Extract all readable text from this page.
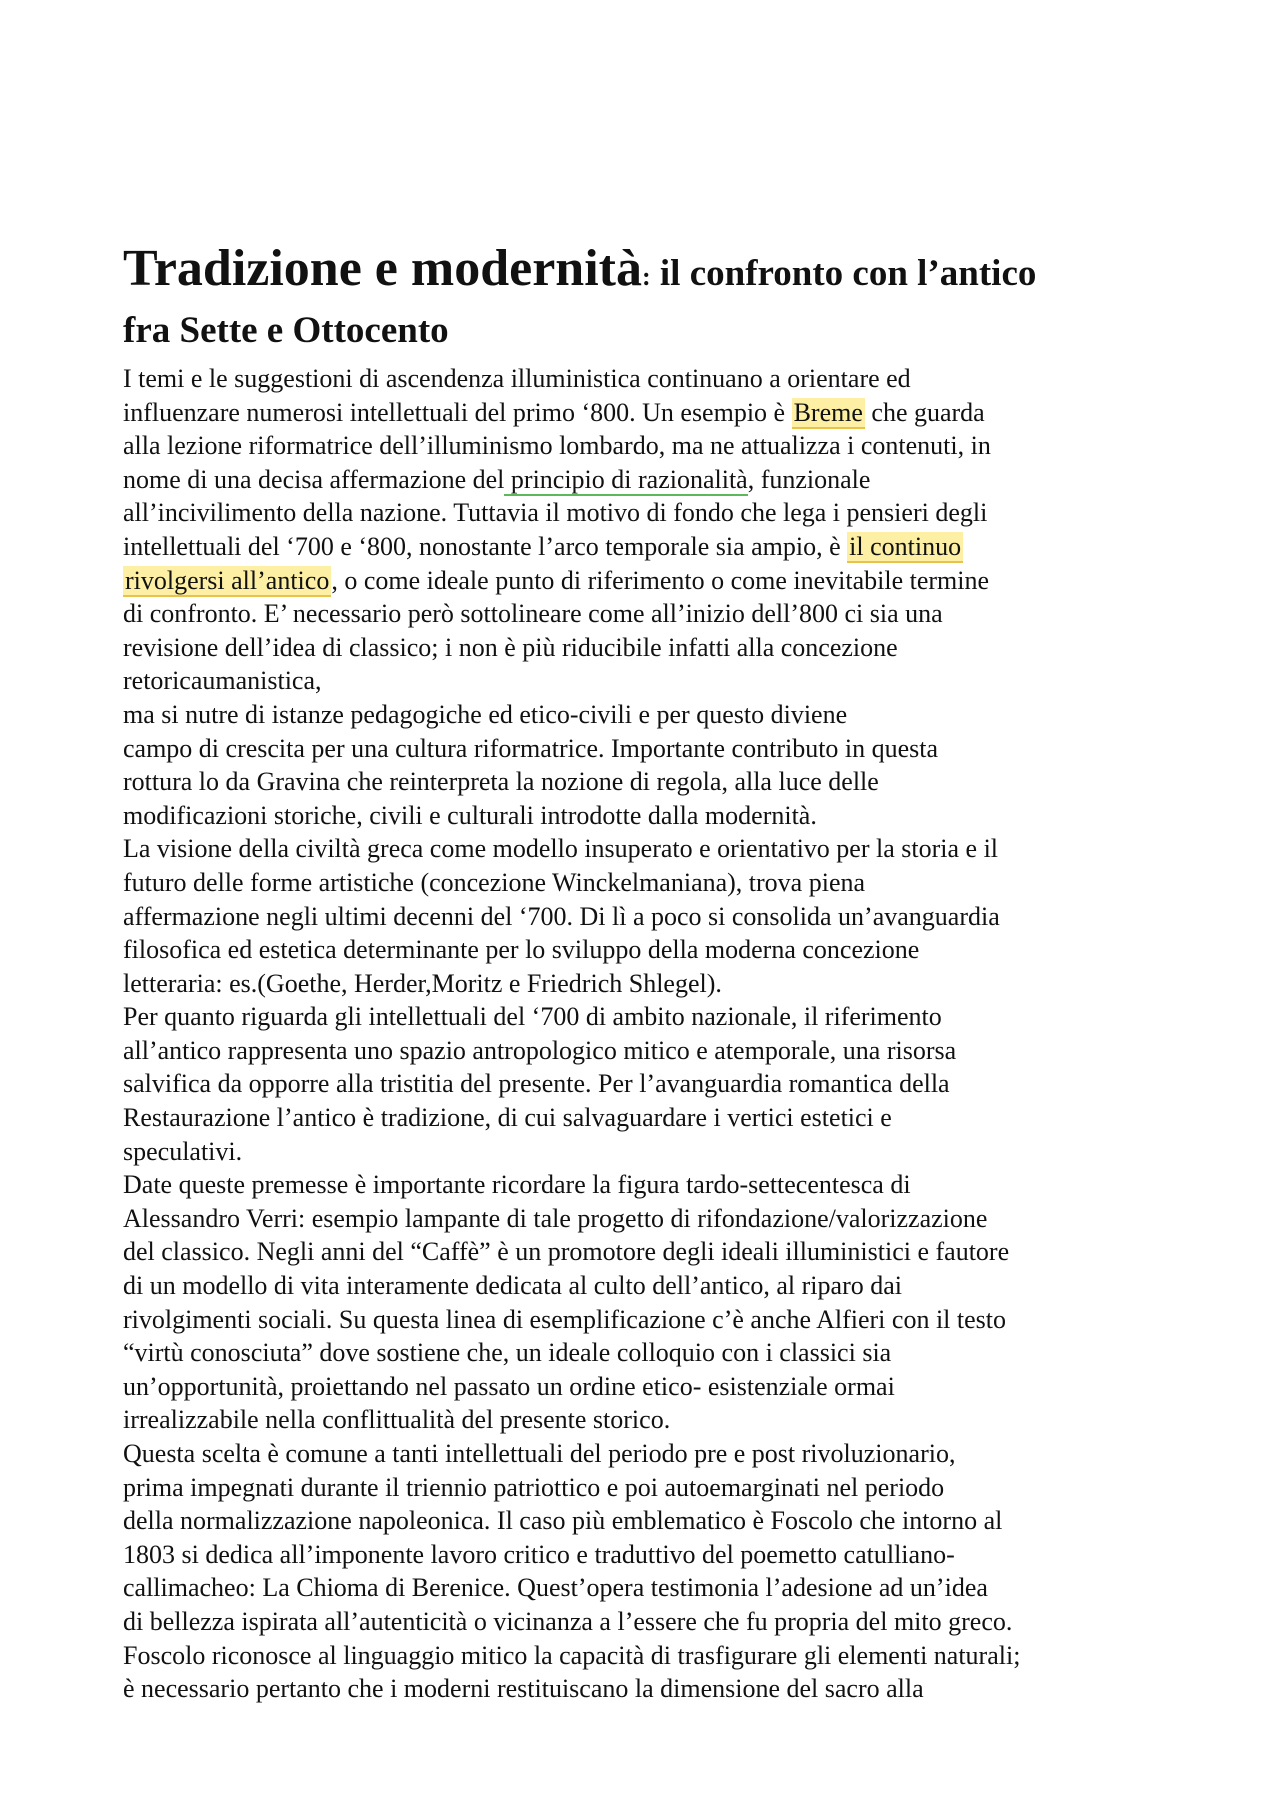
Tradizione e modernità: il confronto con l’antico
fra Sette e Ottocento
I temi e le suggestioni di ascendenza illuministica continuano a orientare ed
influenzare numerosi intellettuali del primo ‘800. Un esempio è Breme che guarda
alla lezione riformatrice dell’illuminismo lombardo, ma ne attualizza i contenuti, in
nome di una decisa affermazione del principio di razionalità, funzionale
all’incivilimento della nazione. Tuttavia il motivo di fondo che lega i pensieri degli
intellettuali del ‘700 e ‘800, nonostante l’arco temporale sia ampio, è il continuo
rivolgersi all’antico, o come ideale punto di riferimento o come inevitabile termine
di confronto. E’ necessario però sottolineare come all’inizio dell’800 ci sia una
revisione dell’idea di classico; i non è più riducibile infatti alla concezione
retoricaumanistica,
ma si nutre di istanze pedagogiche ed etico-civili e per questo diviene
campo di crescita per una cultura riformatrice. Importante contributo in questa
rottura lo da Gravina che reinterpreta la nozione di regola, alla luce delle
modificazioni storiche, civili e culturali introdotte dalla modernità.
La visione della civiltà greca come modello insuperato e orientativo per la storia e il
futuro delle forme artistiche (concezione Winckelmaniana), trova piena
affermazione negli ultimi decenni del ‘700. Di lì a poco si consolida un’avanguardia
filosofica ed estetica determinante per lo sviluppo della moderna concezione
letteraria: es.(Goethe, Herder,Moritz e Friedrich Shlegel).
Per quanto riguarda gli intellettuali del ‘700 di ambito nazionale, il riferimento
all’antico rappresenta uno spazio antropologico mitico e atemporale, una risorsa
salvifica da opporre alla tristitia del presente. Per l’avanguardia romantica della
Restaurazione l’antico è tradizione, di cui salvaguardare i vertici estetici e
speculativi.
Date queste premesse è importante ricordare la figura tardo-settecentesca di
Alessandro Verri: esempio lampante di tale progetto di rifondazione/valorizzazione
del classico. Negli anni del “Caffè” è un promotore degli ideali illuministici e fautore
di un modello di vita interamente dedicata al culto dell’antico, al riparo dai
rivolgimenti sociali. Su questa linea di esemplificazione c’è anche Alfieri con il testo
“virtù conosciuta” dove sostiene che, un ideale colloquio con i classici sia
un’opportunità, proiettando nel passato un ordine etico- esistenziale ormai
irrealizzabile nella conflittualità del presente storico.
Questa scelta è comune a tanti intellettuali del periodo pre e post rivoluzionario,
prima impegnati durante il triennio patriottico e poi autoemarginati nel periodo
della normalizzazione napoleonica. Il caso più emblematico è Foscolo che intorno al
1803 si dedica all’imponente lavoro critico e traduttivo del poemetto catulliano-
callimacheo: La Chioma di Berenice. Quest’opera testimonia l’adesione ad un’idea
di bellezza ispirata all’autenticità o vicinanza a l’essere che fu propria del mito greco.
Foscolo riconosce al linguaggio mitico la capacità di trasfigurare gli elementi naturali;
è necessario pertanto che i moderni restituiscano la dimensione del sacro alla
